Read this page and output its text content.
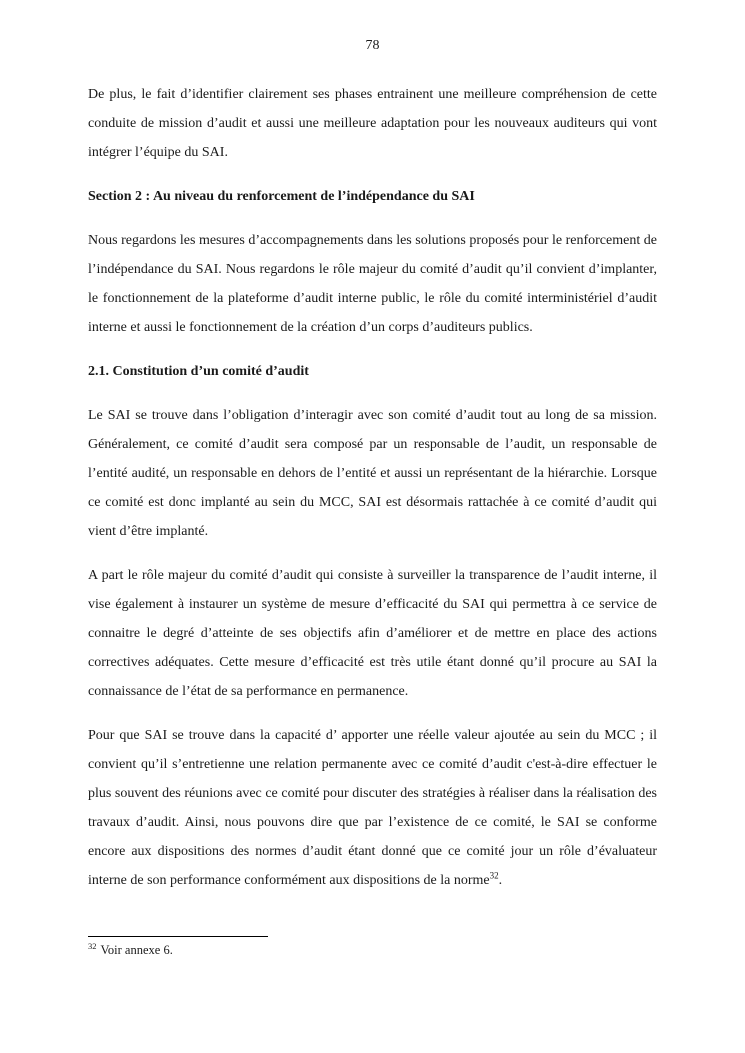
78

De plus, le fait d’identifier clairement ses phases entrainent une meilleure compréhension de cette conduite de mission d’audit et aussi une meilleure adaptation pour les nouveaux auditeurs qui vont intégrer l’équipe du SAI.

Section 2 : Au niveau du renforcement de l’indépendance du SAI

Nous regardons les mesures d’accompagnements dans les solutions proposés pour le renforcement de l’indépendance du SAI. Nous regardons le rôle majeur du comité d’audit qu’il convient d’implanter, le fonctionnement de la plateforme d’audit interne public, le rôle du comité interministériel d’audit interne et aussi le fonctionnement de la création d’un corps d’auditeurs publics.

2.1. Constitution d’un comité d’audit

Le SAI se trouve dans l’obligation d’interagir avec son comité d’audit tout au long de sa mission. Généralement, ce comité d’audit sera composé par un responsable de l’audit, un responsable de l’entité audité, un responsable en dehors de l’entité et aussi un représentant de la hiérarchie. Lorsque ce comité est donc implanté au sein du MCC, SAI est désormais rattachée à ce comité d’audit qui vient d’être implanté.

A part le rôle majeur du comité d’audit qui consiste à surveiller la transparence de l’audit interne, il vise également à instaurer un système de mesure d’efficacité du SAI qui permettra à ce service de connaitre le degré d’atteinte de ses objectifs afin d’améliorer et de mettre en place des actions correctives adéquates. Cette mesure d’efficacité est très utile étant donné qu’il procure au SAI la connaissance de l’état de sa performance en permanence.

Pour que SAI se trouve dans la capacité d’ apporter une réelle valeur ajoutée au sein du MCC ; il convient qu’il s’entretienne une relation permanente avec ce comité d’audit c'est-à-dire effectuer le plus souvent des réunions avec ce comité pour discuter des stratégies à réaliser dans la réalisation des travaux d’audit. Ainsi, nous pouvons dire que par l’existence de ce comité, le SAI se conforme encore aux dispositions des normes d’audit étant donné que ce comité jour un rôle d’évaluateur interne de son performance conformément aux dispositions de la norme$^{32}$.

$^{32}$ Voir annexe 6.
